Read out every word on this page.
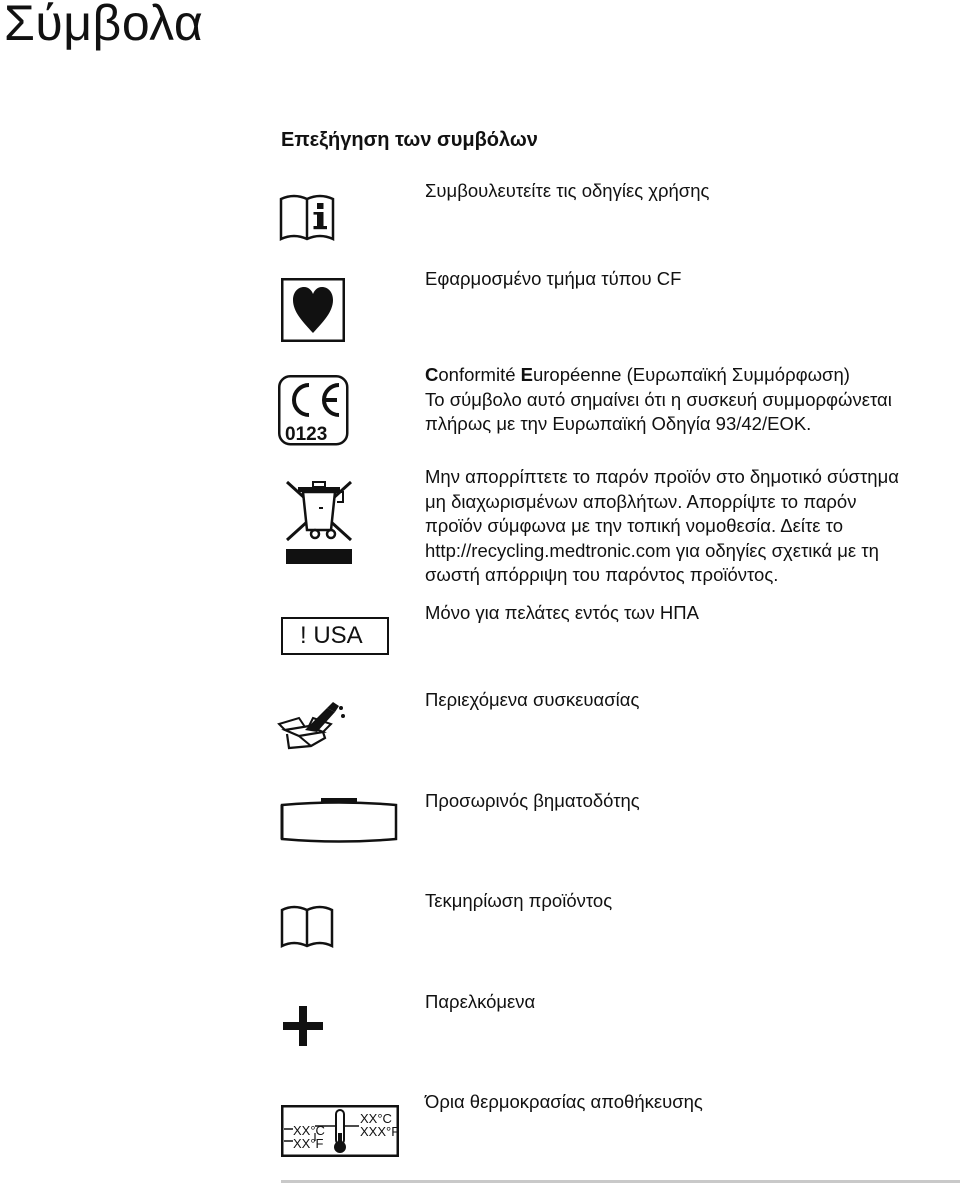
Σύμβολα
Επεξήγηση των συμβόλων
Συμβουλευτείτε τις οδηγίες χρήσης
Εφαρμοσμένο τμήμα τύπου CF
0123
Conformité Européenne (Ευρωπαϊκή Συμμόρφωση)
Το σύμβολο αυτό σημαίνει ότι η συσκευή συμμορφώνεται
πλήρως με την Ευρωπαϊκή Οδηγία 93/42/ΕΟΚ.
Μην απορρίπτετε το παρόν προϊόν στο δημοτικό σύστημα
μη διαχωρισμένων αποβλήτων. Απορρίψτε το παρόν
προϊόν σύμφωνα με την τοπική νομοθεσία. Δείτε το
http://recycling.medtronic.com για οδηγίες σχετικά με τη
σωστή απόρριψη του παρόντος προϊόντος.
! USA
Μόνο για πελάτες εντός των ΗΠΑ
Περιεχόμενα συσκευασίας
Προσωρινός βηματοδότης
Τεκμηρίωση προϊόντος
Παρελκόμενα
XX°C
XX°F
XX°C
XXX°F
Όρια θερμοκρασίας αποθήκευσης
